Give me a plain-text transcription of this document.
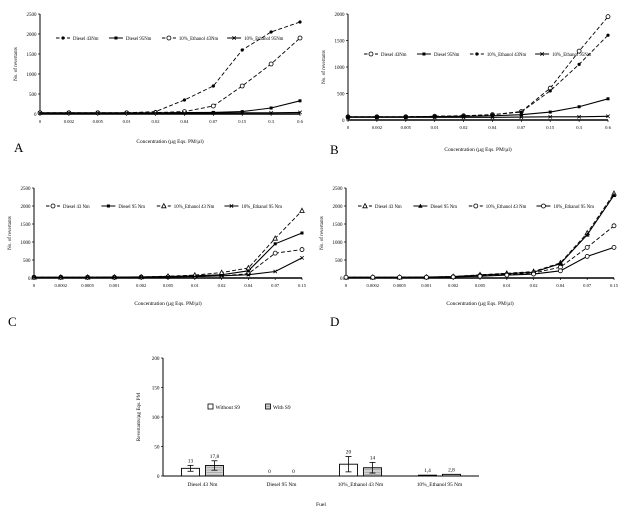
0
500
1000
1500
2000
2500
0	0.002	0.005	0.01	0.02	0.04	0.07	0.15	0.3	0.6
Concentration (µg Eqs. PM/µl)
No. of revertants
Diesel 43Nm	Diesel 95Nm	10%_Ethanol 43Nm	10%_Ethanol 95Nm
0
500
1000
1500
2000
0	0.002	0.005	0.01	0.02	0.04	0.07	0.15	0.3	0.6
Concentration (µg Eqs. PM/µl)
No. of revertants	Diesel 43Nm	Diesel 95Nm	10%_Ethanol 43Nm	10%_Ethanol 95Nm
A	B
0
500
1000
1500
2000
2500
0	0.0002	0.0005	0.001	0.002	0.005	0.01	0.02	0.04	0.07	0.15
Concentration (µg Eqs. PM/µl)
No. of revertants
Diesel 43 Nm	Diesel 95 Nm	10%_Ethanol 43 Nm	10%_Ethanol 95 Nm
0
500
1000
1500
2000
2500
0	0.0002	0.0005	0.001	0.002	0.005	0.01	0.02	0.04	0.07	0.15
Concentration (µg Eqs. PM/µl)
No. of revertants
Diesel 43 Nm	Diesel 95 Nm	10%_Ethanol 43 Nm	10%_Ethanol 95 Nm
C	D
0
50
100
150
200
Diesel 43 Nm	Diesel 95 Nm	10%_Ethanol 43 Nm	10%_Ethanol 95 Nm
Fuel
Revertants/µg Eqs. PM
13
0
20
1,4
17,8
0
14
2,8
Without S9	With S9
